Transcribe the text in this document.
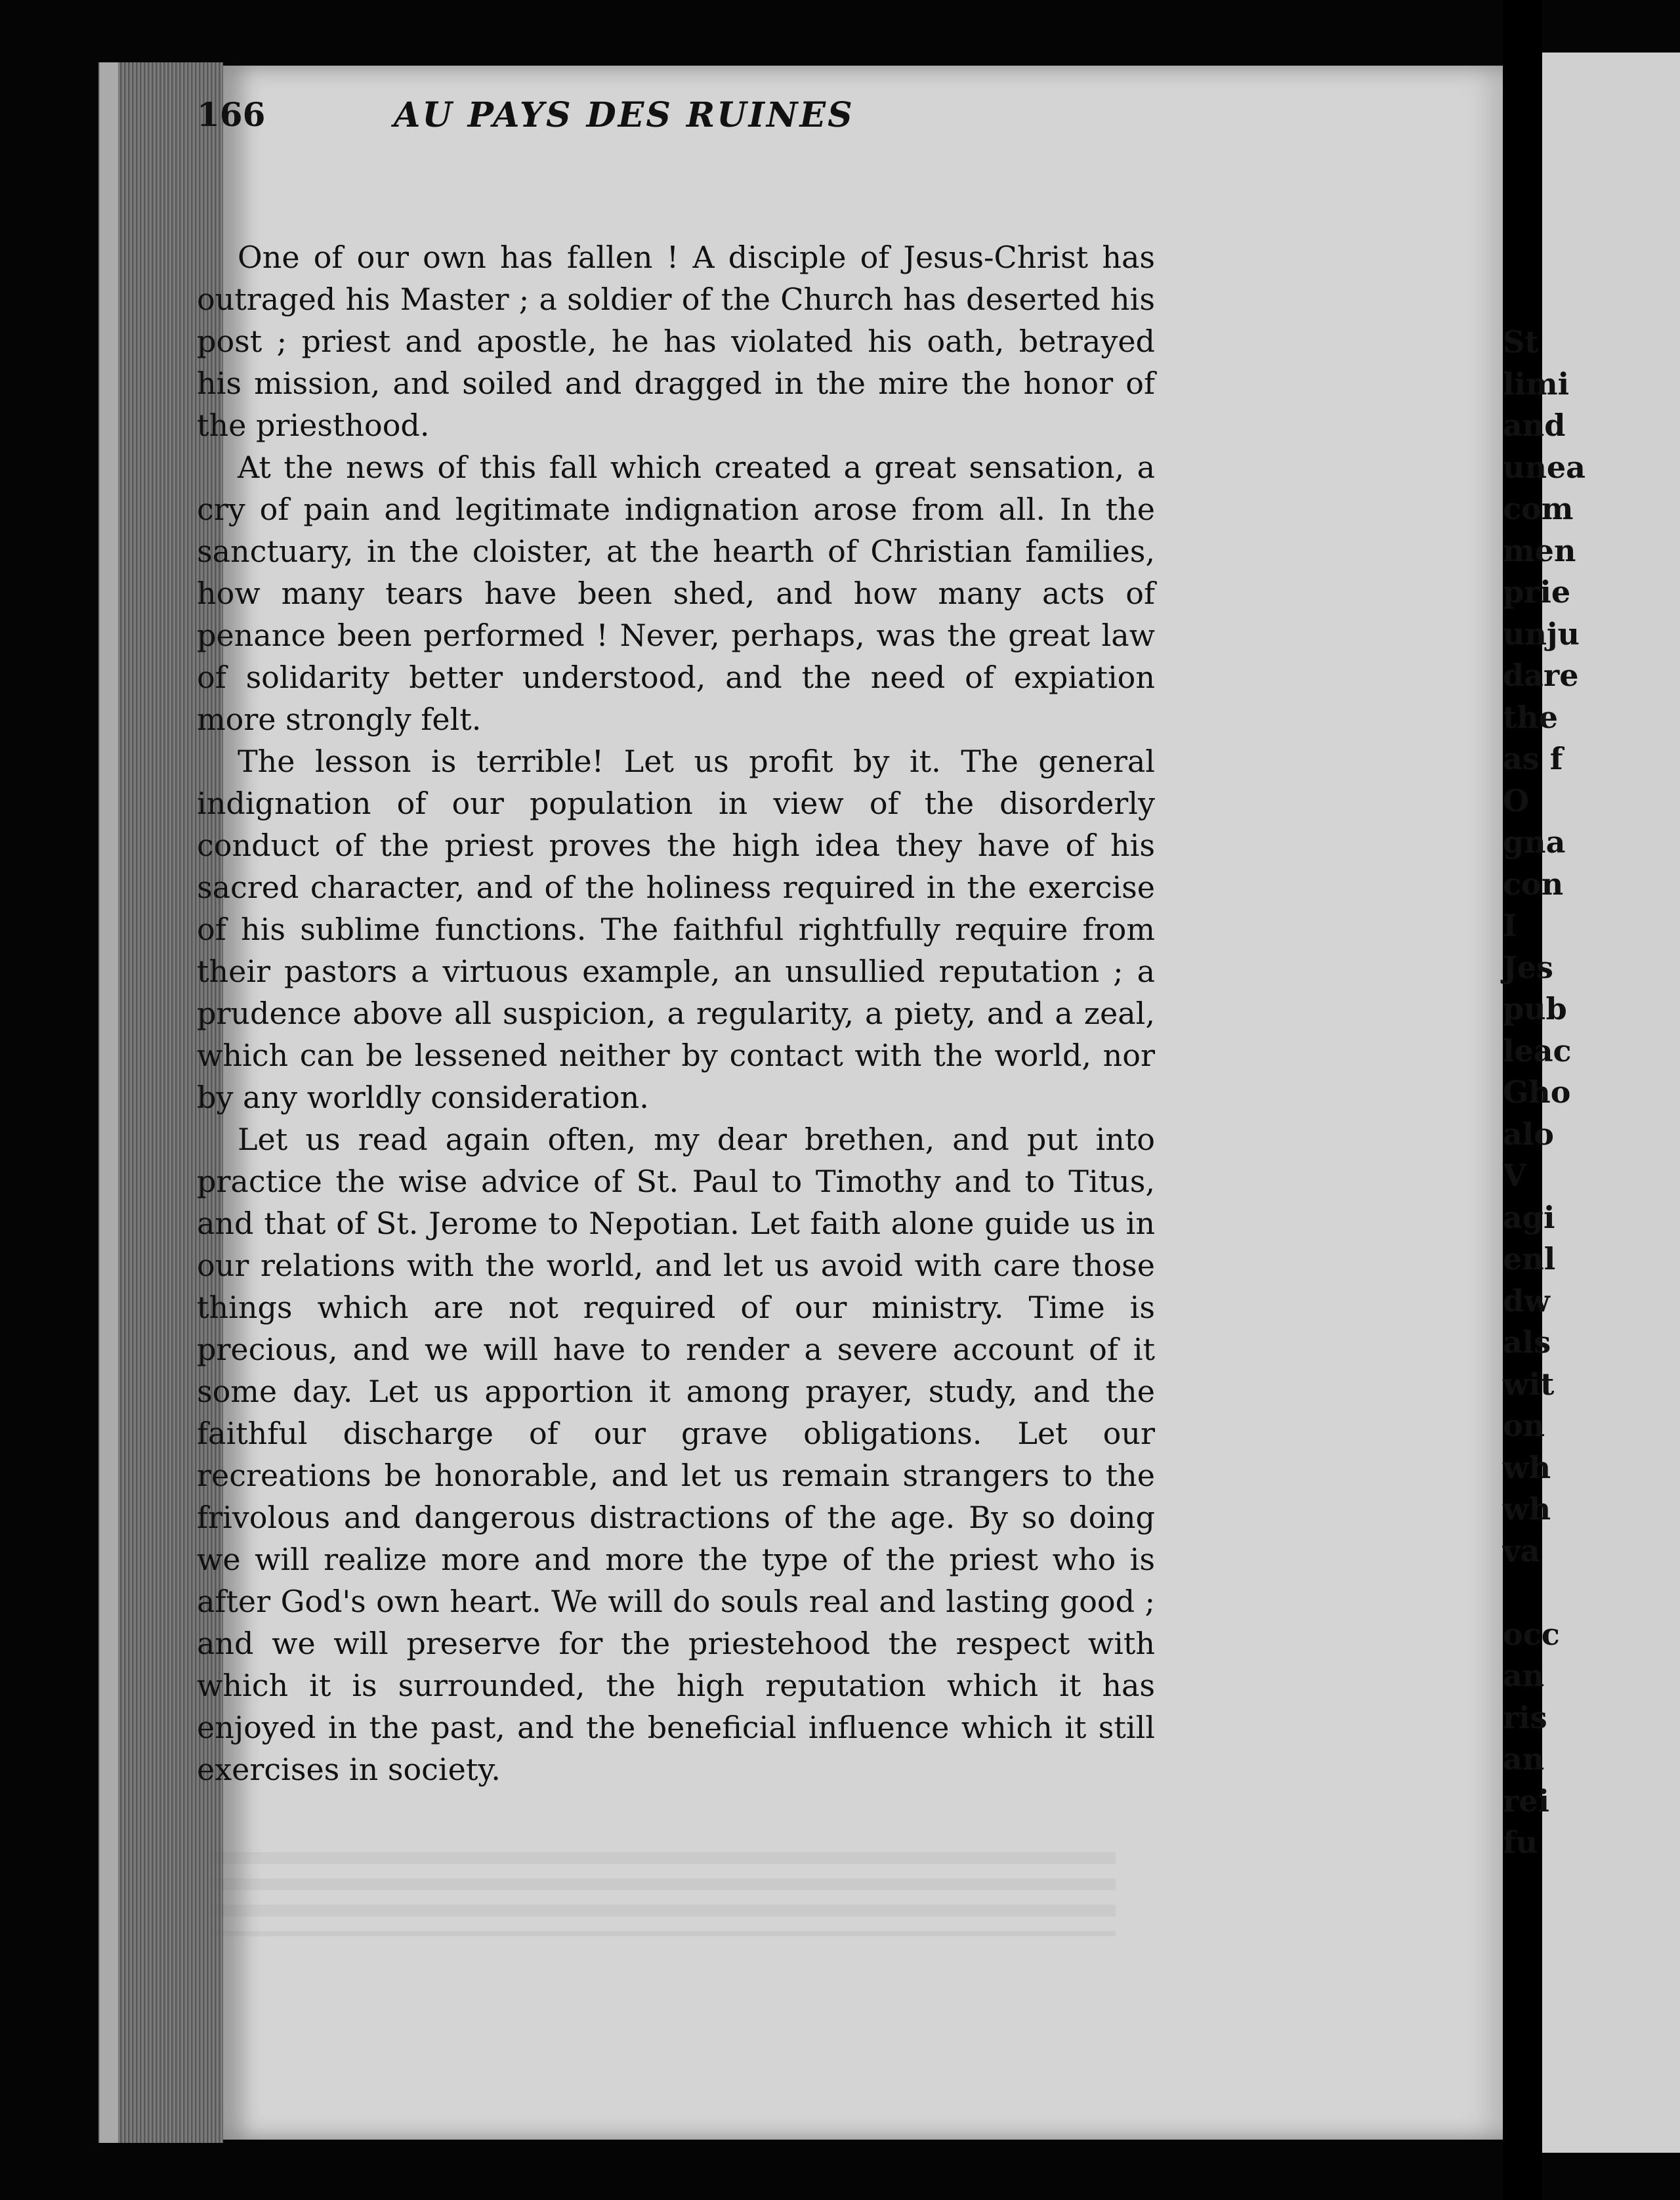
166	AU PAYS DES RUINES

One of our own has fallen ! A disciple of Jesus-Christ has outraged his Master ; a soldier of the Church has deserted his post ; priest and apostle, he has violated his oath, betrayed his mission, and soiled and dragged in the mire the honor of the priesthood.

At the news of this fall which created a great sensation, a cry of pain and legitimate indignation arose from all. In the sanctuary, in the cloister, at the hearth of Christian families, how many tears have been shed, and how many acts of penance been performed ! Never, perhaps, was the great law of solidarity better understood, and the need of expiation more strongly felt.

The lesson is terrible! Let us profit by it. The general indignation of our population in view of the disorderly conduct of the priest proves the high idea they have of his sacred character, and of the holiness required in the exercise of his sublime functions. The faithful rightfully require from their pastors a virtuous example, an unsullied reputation ; a prudence above all suspicion, a regularity, a piety, and a zeal, which can be lessened neither by contact with the world, nor by any worldly consideration.

Let us read again often, my dear brethen, and put into practice the wise advice of St. Paul to Timothy and to Titus, and that of St. Jerome to Nepotian. Let faith alone guide us in our relations with the world, and let us avoid with care those things which are not required of our ministry. Time is precious, and we will have to render a severe account of it some day. Let us apportion it among prayer, study, and the faithful discharge of our grave obligations. Let our recreations be honorable, and let us remain strangers to the frivolous and dangerous distractions of the age. By so doing we will realize more and more the type of the priest who is after God's own heart. We will do souls real and lasting good ; and we will preserve for the priestehood the respect with which it is surrounded, the high reputation which it has enjoyed in the past, and the beneficial influence which it still exercises in society.

St
limi
and
unea
com
men
prie
unju
dare
the
as f
O
gna
con
I
Jes
pub
leac
Gho
alo
V
agi
enl
dw
als
wit
on
wh
wh
va

occ
an
ris
an
rei
fu
